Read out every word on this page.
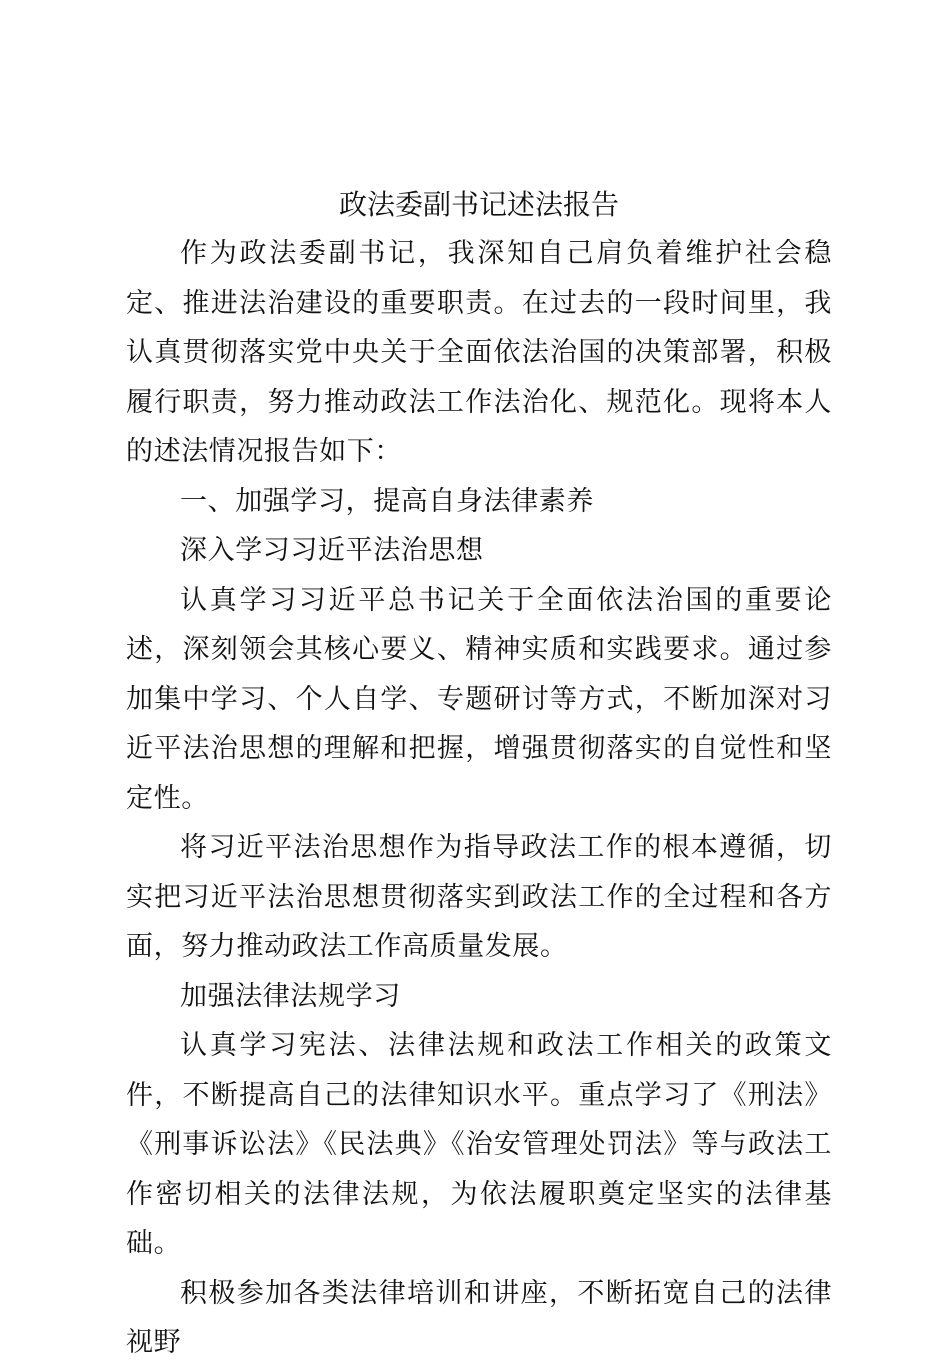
政法委副书记述法报告

作为政法委副书记，我深知自己肩负着维护社会稳定、推进法治建设的重要职责。在过去的一段时间里，我认真贯彻落实党中央关于全面依法治国的决策部署，积极履行职责，努力推动政法工作法治化、规范化。现将本人的述法情况报告如下：

一、加强学习，提高自身法律素养

深入学习习近平法治思想

认真学习习近平总书记关于全面依法治国的重要论述，深刻领会其核心要义、精神实质和实践要求。通过参加集中学习、个人自学、专题研讨等方式，不断加深对习近平法治思想的理解和把握，增强贯彻落实的自觉性和坚定性。

将习近平法治思想作为指导政法工作的根本遵循，切实把习近平法治思想贯彻落实到政法工作的全过程和各方面，努力推动政法工作高质量发展。

加强法律法规学习

认真学习宪法、法律法规和政法工作相关的政策文件，不断提高自己的法律知识水平。重点学习了《刑法》《刑事诉讼法》《民法典》《治安管理处罚法》等与政法工作密切相关的法律法规，为依法履职奠定坚实的法律基础。

积极参加各类法律培训和讲座，不断拓宽自己的法律视野
